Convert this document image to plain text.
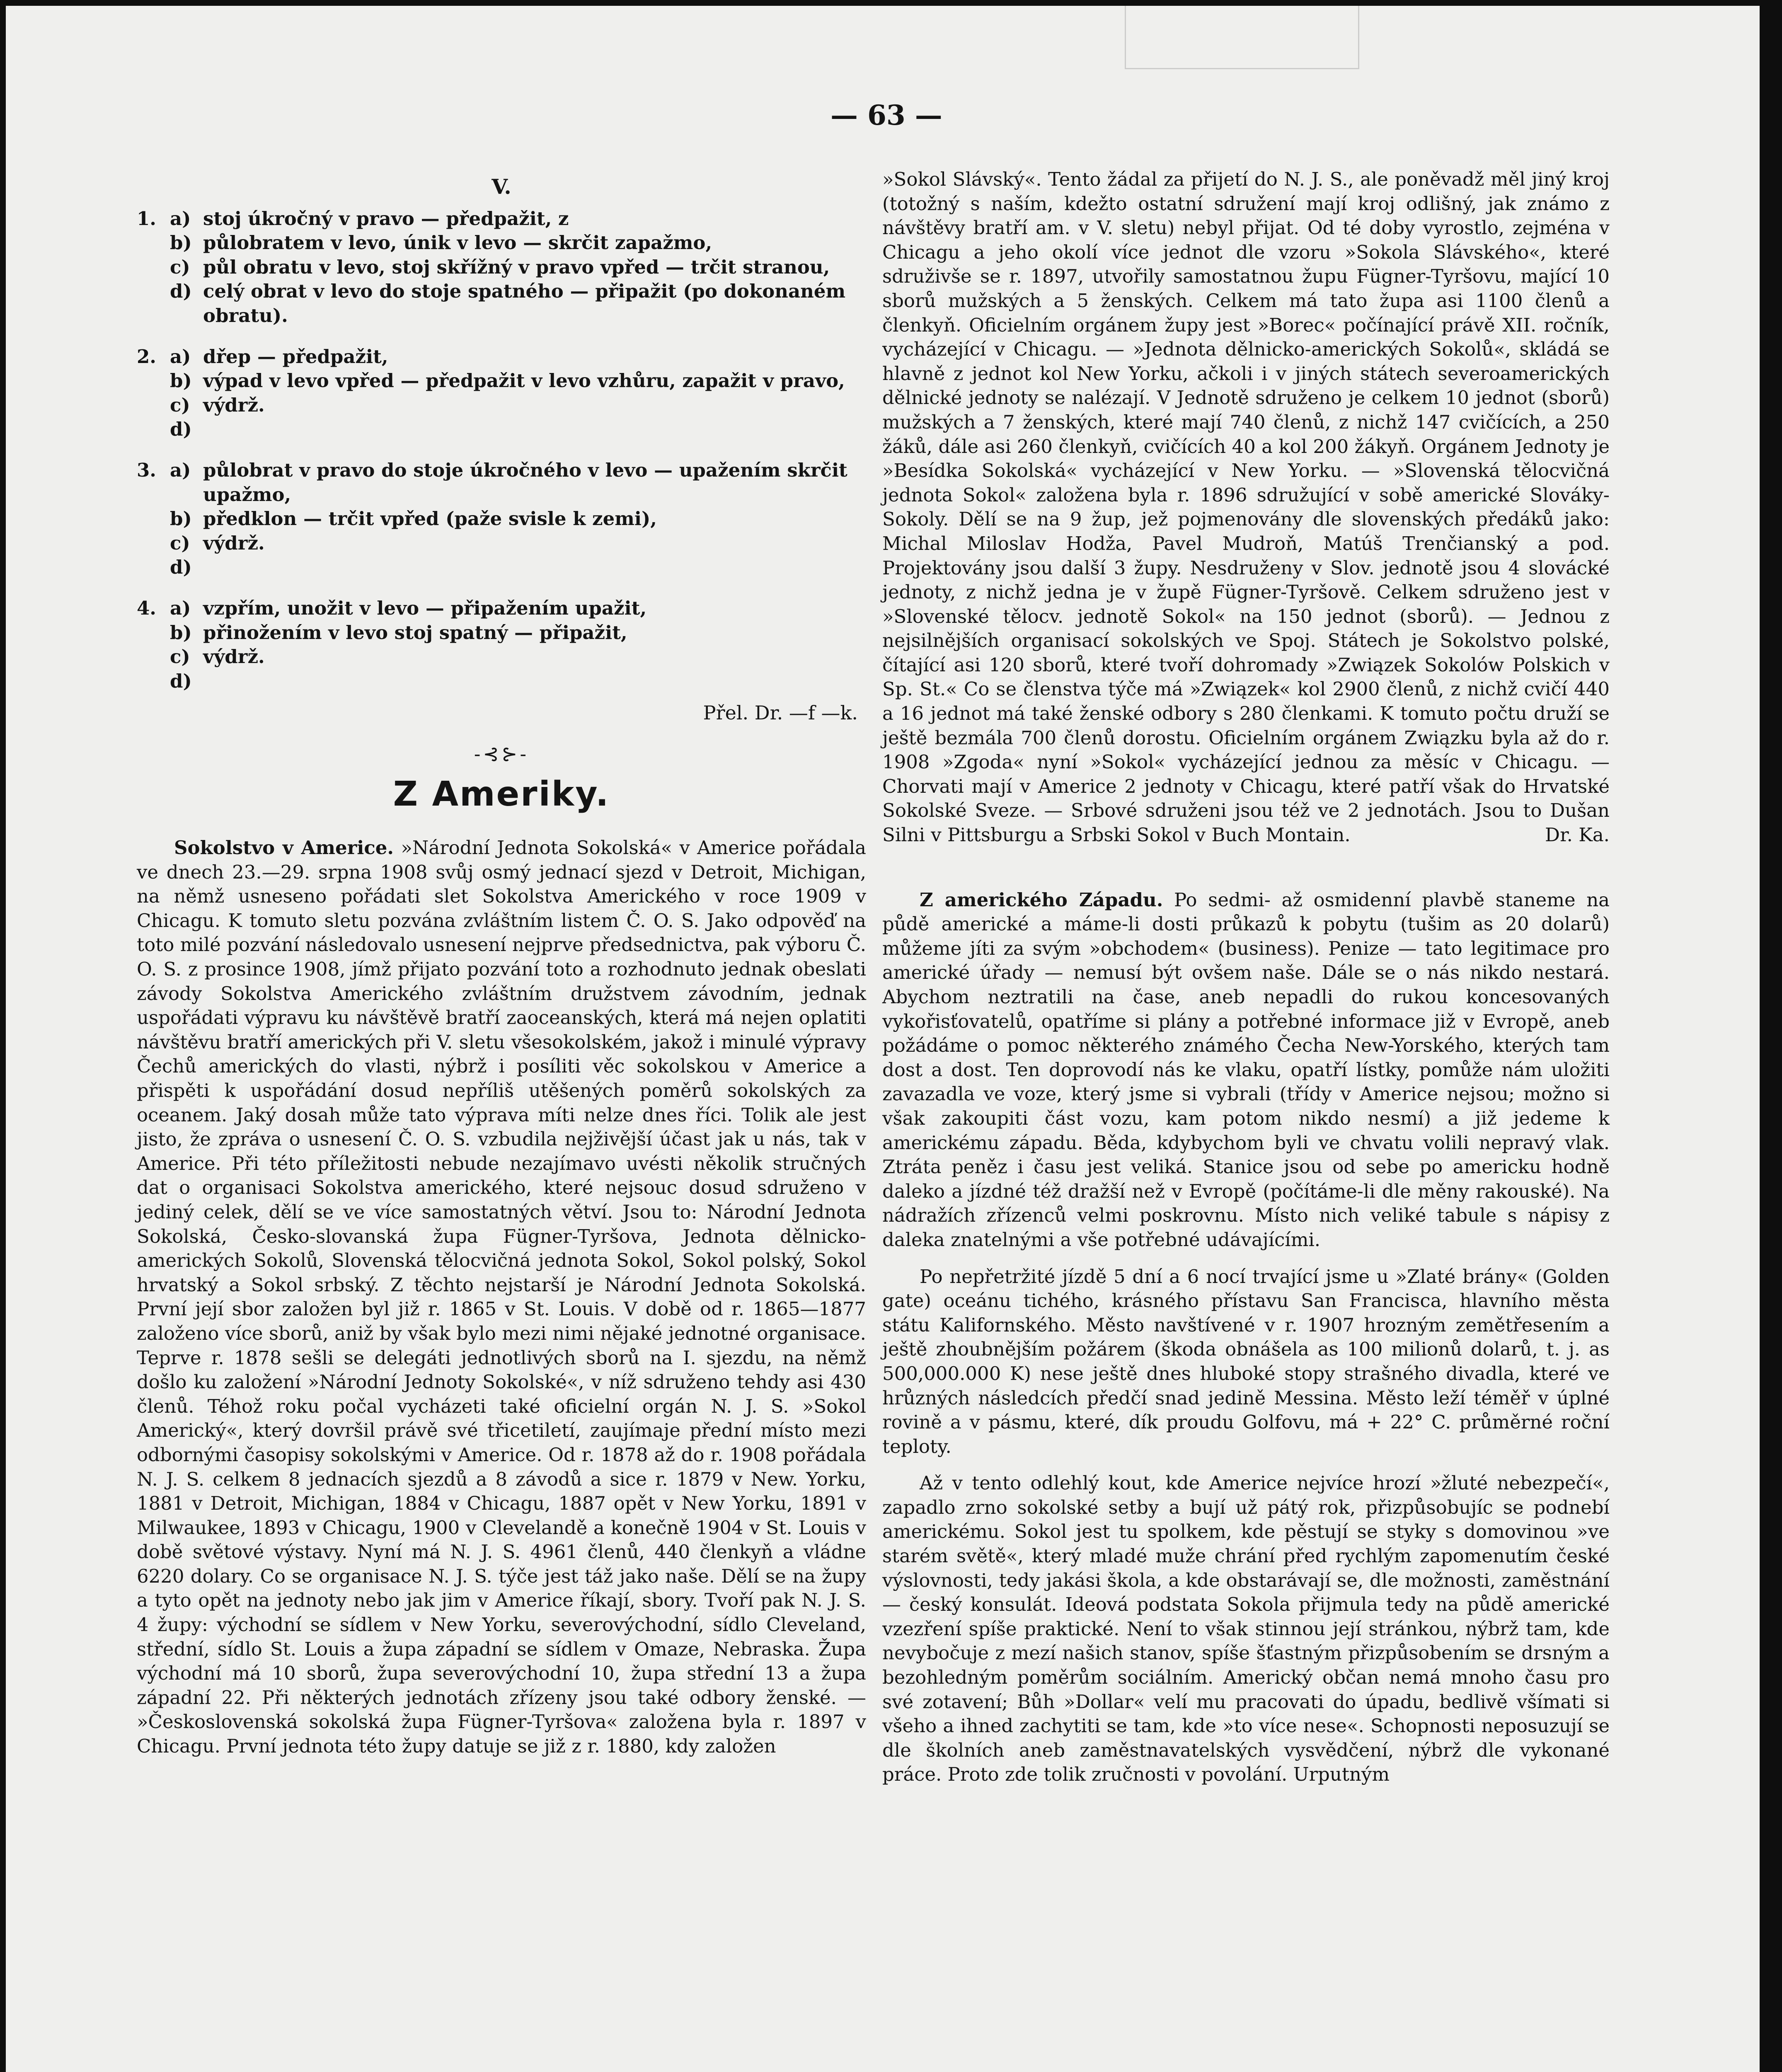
— 63 —
V.
1. a) stoj úkročný v pravo — předpažit, z
b) půlobratem v levo, únik v levo — skrčit zapažmo,
c) půl obratu v levo, stoj skřížný v pravo vpřed — trčit stranou,
d) celý obrat v levo do stoje spatného — připažit (po dokonaném obratu).
2. a) dřep — předpažit,
b) výpad v levo vpřed — předpažit v levo vzhůru, zapažit v pravo,
c) d)
výdrž.
3. a) půlobrat v pravo do stoje úkročného v levo — upažením skrčit upažmo,
b) předklon — trčit vpřed (paže svisle k zemi),
c) d)
výdrž.
4. a) vzpřím, unožit v levo — připažením upažit,
b) přinožením v levo stoj spatný — připažit,
c) d)
výdrž.
Přel. Dr. —f —k.
-⊰⊱-
Z Ameriky.

Sokolstvo v Americe. »Národní Jednota Sokolská« v Americe pořádala ve dnech 23.—29. srpna 1908 svůj osmý jednací sjezd v Detroit, Michigan, na němž usneseno pořádati slet Sokolstva Amerického v roce 1909 v Chicagu. K tomuto sletu pozvána zvláštním listem Č. O. S. Jako odpověď na toto milé pozvání následovalo usnesení nejprve předsednictva, pak výboru Č. O. S. z prosince 1908, jímž přijato pozvání toto a rozhodnuto jednak obeslati závody Sokolstva Amerického zvláštním družstvem závodním, jednak uspořádati výpravu ku návštěvě bratří zaoceanských, která má nejen oplatiti návštěvu bratří amerických při V. sletu všesokolském, jakož i minulé výpravy Čechů amerických do vlasti, nýbrž i posíliti věc sokolskou v Americe a přispěti k uspořádání dosud nepříliš utěšených poměrů sokolských za oceanem. Jaký dosah může tato výprava míti nelze dnes říci. Tolik ale jest jisto, že zpráva o usnesení Č. O. S. vzbudila nejživější účast jak u nás, tak v Americe. Při této příležitosti nebude nezajímavo uvésti několik stručných dat o organisaci Sokolstva amerického, které nejsouc dosud sdruženo v jediný celek, dělí se ve více samostatných větví. Jsou to: Národní Jednota Sokolská, Česko-slovanská župa Fügner-Tyršova, Jednota dělnicko-amerických Sokolů, Slovenská tělocvičná jednota Sokol, Sokol polský, Sokol hrvatský a Sokol srbský. Z těchto nejstarší je Národní Jednota Sokolská. První její sbor založen byl již r. 1865 v St. Louis. V době od r. 1865—1877 založeno více sborů, aniž by však bylo mezi nimi nějaké jednotné organisace. Teprve r. 1878 sešli se delegáti jednotlivých sborů na I. sjezdu, na němž došlo ku založení »Národní Jednoty Sokolské«, v níž sdruženo tehdy asi 430 členů. Téhož roku počal vycházeti také oficielní orgán N. J. S. »Sokol Americký«, který dovršil právě své třicetiletí, zaujímaje přední místo mezi odbornými časopisy sokolskými v Americe. Od r. 1878 až do r. 1908 pořádala N. J. S. celkem 8 jednacích sjezdů a 8 závodů a sice r. 1879 v New. Yorku, 1881 v Detroit, Michigan, 1884 v Chicagu, 1887 opět v New Yorku, 1891 v Milwaukee, 1893 v Chicagu, 1900 v Clevelandě a konečně 1904 v St. Louis v době světové výstavy. Nyní má N. J. S. 4961 členů, 440 členkyň a vládne 6220 dolary. Co se organisace N. J. S. týče jest táž jako naše. Dělí se na župy a tyto opět na jednoty nebo jak jim v Americe říkají, sbory. Tvoří pak N. J. S. 4 župy: východní se sídlem v New Yorku, severovýchodní, sídlo Cleveland, střední, sídlo St. Louis a župa západní se sídlem v Omaze, Nebraska. Župa východní má 10 sborů, župa severovýchodní 10, župa střední 13 a župa západní 22. Při některých jednotách zřízeny jsou také odbory ženské. — »Československá sokolská župa Fügner-Tyršova« založena byla r. 1897 v Chicagu. První jednota této župy datuje se již z r. 1880, kdy založen

»Sokol Slávský«. Tento žádal za přijetí do N. J. S., ale poněvadž měl jiný kroj (totožný s naším, kdežto ostatní sdružení mají kroj odlišný, jak známo z návštěvy bratří am. v V. sletu) nebyl přijat. Od té doby vyrostlo, zejména v Chicagu a jeho okolí více jednot dle vzoru »Sokola Slávského«, které sdruživše se r. 1897, utvořily samostatnou župu Fügner-Tyršovu, mající 10 sborů mužských a 5 ženských. Celkem má tato župa asi 1100 členů a členkyň. Oficielním orgánem župy jest »Borec« počínající právě XII. ročník, vycházející v Chicagu. — »Jednota dělnicko-amerických Sokolů«, skládá se hlavně z jednot kol New Yorku, ačkoli i v jiných státech severoamerických dělnické jednoty se nalézají. V Jednotě sdruženo je celkem 10 jednot (sborů) mužských a 7 ženských, které mají 740 členů, z nichž 147 cvičících, a 250 žáků, dále asi 260 členkyň, cvičících 40 a kol 200 žákyň. Orgánem Jednoty je »Besídka Sokolská« vycházející v New Yorku. — »Slovenská tělocvičná jednota Sokol« založena byla r. 1896 sdružující v sobě americké Slováky-Sokoly. Dělí se na 9 žup, jež pojmenovány dle slovenských předáků jako: Michal Miloslav Hodža, Pavel Mudroň, Matúš Trenčianský a pod. Projektovány jsou další 3 župy. Nesdruženy v Slov. jednotě jsou 4 slovácké jednoty, z nichž jedna je v župě Fügner-Tyršově. Celkem sdruženo jest v »Slovenské tělocv. jednotě Sokol« na 150 jednot (sborů). — Jednou z nejsilnějších organisací sokolských ve Spoj. Státech je Sokolstvo polské, čítající asi 120 sborů, které tvoří dohromady »Związek Sokolów Polskich v Sp. St.« Co se členstva týče má »Związek« kol 2900 členů, z nichž cvičí 440 a 16 jednot má také ženské odbory s 280 členkami. K tomuto počtu druží se ještě bezmála 700 členů dorostu. Oficielním orgánem Związku byla až do r. 1908 »Zgoda« nyní »Sokol« vycházející jednou za měsíc v Chicagu. — Chorvati mají v Americe 2 jednoty v Chicagu, které patří však do Hrvatské Sokolské Sveze. — Srbové sdruženi jsou též ve 2 jednotách. Jsou to Dušan Silni v Pittsburgu a Srbski Sokol v Buch Montain.	Dr. Ka.

Z amerického Západu. Po sedmi- až osmidenní plavbě staneme na půdě americké a máme-li dosti průkazů k pobytu (tušim as 20 dolarů) můžeme jíti za svým »obchodem« (business). Penize — tato legitimace pro americké úřady — nemusí být ovšem naše. Dále se o nás nikdo nestará. Abychom neztratili na čase, aneb nepadli do rukou koncesovaných vykořisťovatelů, opatříme si plány a potřebné informace již v Evropě, aneb požádáme o pomoc některého známého Čecha New-Yorského, kterých tam dost a dost. Ten doprovodí nás ke vlaku, opatří lístky, pomůže nám uložiti zavazadla ve voze, který jsme si vybrali (třídy v Americe nejsou; možno si však zakoupiti část vozu, kam potom nikdo nesmí) a již jedeme k americkému západu. Běda, kdybychom byli ve chvatu volili nepravý vlak. Ztráta peněz i času jest veliká. Stanice jsou od sebe po americku hodně daleko a jízdné též dražší než v Evropě (počítáme-li dle měny rakouské). Na nádražích zřízenců velmi poskrovnu. Místo nich veliké tabule s nápisy z daleka znatelnými a vše potřebné udávajícími.

Po nepřetržité jízdě 5 dní a 6 nocí trvající jsme u »Zlaté brány« (Golden gate) oceánu tichého, krásného přístavu San Francisca, hlavního města státu Kalifornského. Město navštívené v r. 1907 hrozným zemětřesením a ještě zhoubnějším požárem (škoda obnášela as 100 milionů dolarů, t. j. as 500,000.000 K) nese ještě dnes hluboké stopy strašného divadla, které ve hrůzných následcích předčí snad jedině Messina. Město leží téměř v úplné rovině a v pásmu, které, dík proudu Golfovu, má + 22° C. průměrné roční teploty.

Až v tento odlehlý kout, kde Americe nejvíce hrozí »žluté nebezpečí«, zapadlo zrno sokolské setby a bují už pátý rok, přizpůsobujíc se podnebí americkému. Sokol jest tu spolkem, kde pěstují se styky s domovinou »ve starém světě«, který mladé muže chrání před rychlým zapomenutím české výslovnosti, tedy jakási škola, a kde obstarávají se, dle možnosti, zaměstnání — český konsulát. Ideová podstata Sokola přijmula tedy na půdě americké vzezření spíše praktické. Není to však stinnou její stránkou, nýbrž tam, kde nevybočuje z mezí našich stanov, spíše šťastným přizpůsobením se drsným a bezohledným poměrům sociálním. Americký občan nemá mnoho času pro své zotavení; Bůh »Dollar« velí mu pracovati do úpadu, bedlivě všímati si všeho a ihned zachytiti se tam, kde »to více nese«. Schopnosti neposuzují se dle školních aneb zaměstnavatelských vysvědčení, nýbrž dle vykonané práce. Proto zde tolik zručnosti v povolání. Urputným
